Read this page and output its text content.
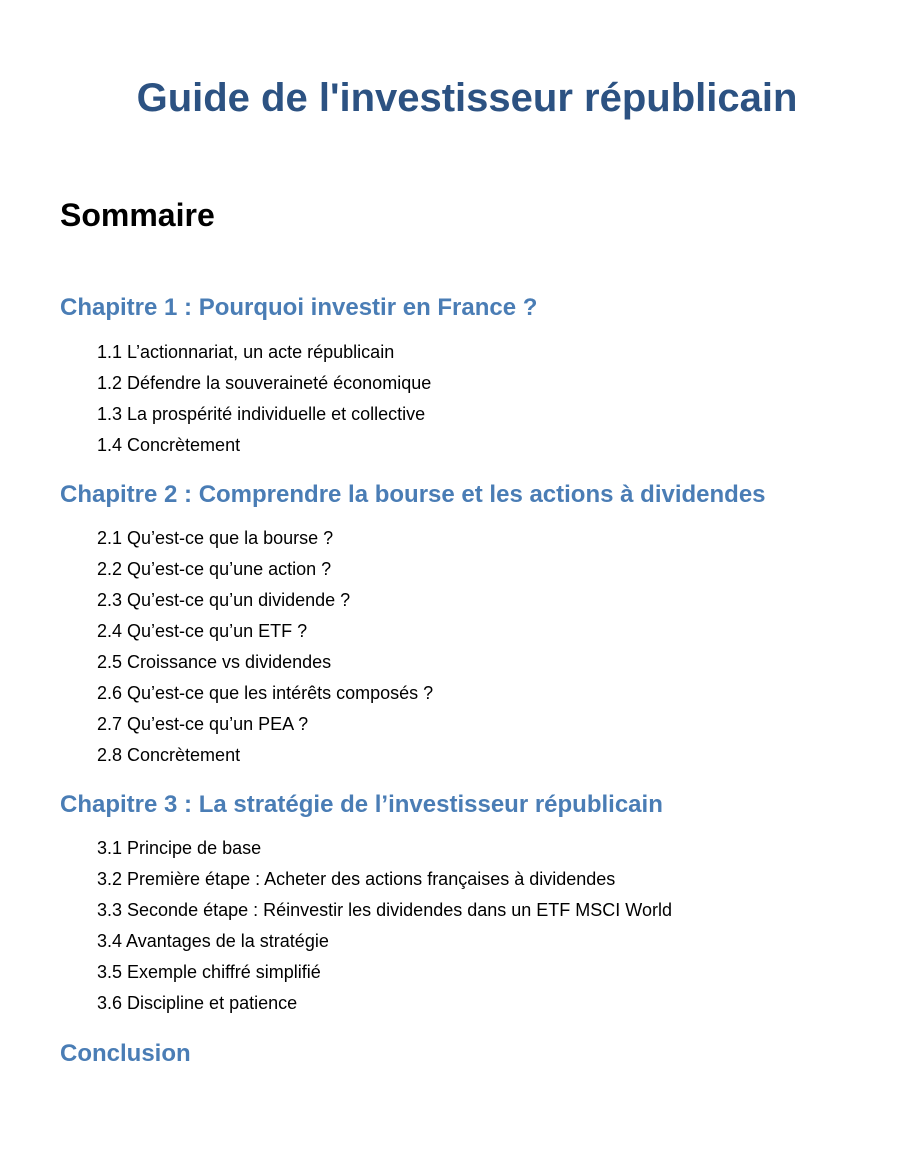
Guide de l'investisseur républicain
Sommaire
Chapitre 1 : Pourquoi investir en France ?
1.1 L’actionnariat, un acte républicain
1.2 Défendre la souveraineté économique
1.3 La prospérité individuelle et collective
1.4 Concrètement
Chapitre 2 : Comprendre la bourse et les actions à dividendes
2.1 Qu’est-ce que la bourse ?
2.2 Qu’est-ce qu’une action ?
2.3 Qu’est-ce qu’un dividende ?
2.4 Qu’est-ce qu’un ETF ?
2.5 Croissance vs dividendes
2.6 Qu’est-ce que les intérêts composés ?
2.7 Qu’est-ce qu’un PEA ?
2.8 Concrètement
Chapitre 3 : La stratégie de l’investisseur républicain
3.1 Principe de base
3.2 Première étape : Acheter des actions françaises à dividendes
3.3 Seconde étape : Réinvestir les dividendes dans un ETF MSCI World
3.4 Avantages de la stratégie
3.5 Exemple chiffré simplifié
3.6 Discipline et patience
Conclusion
